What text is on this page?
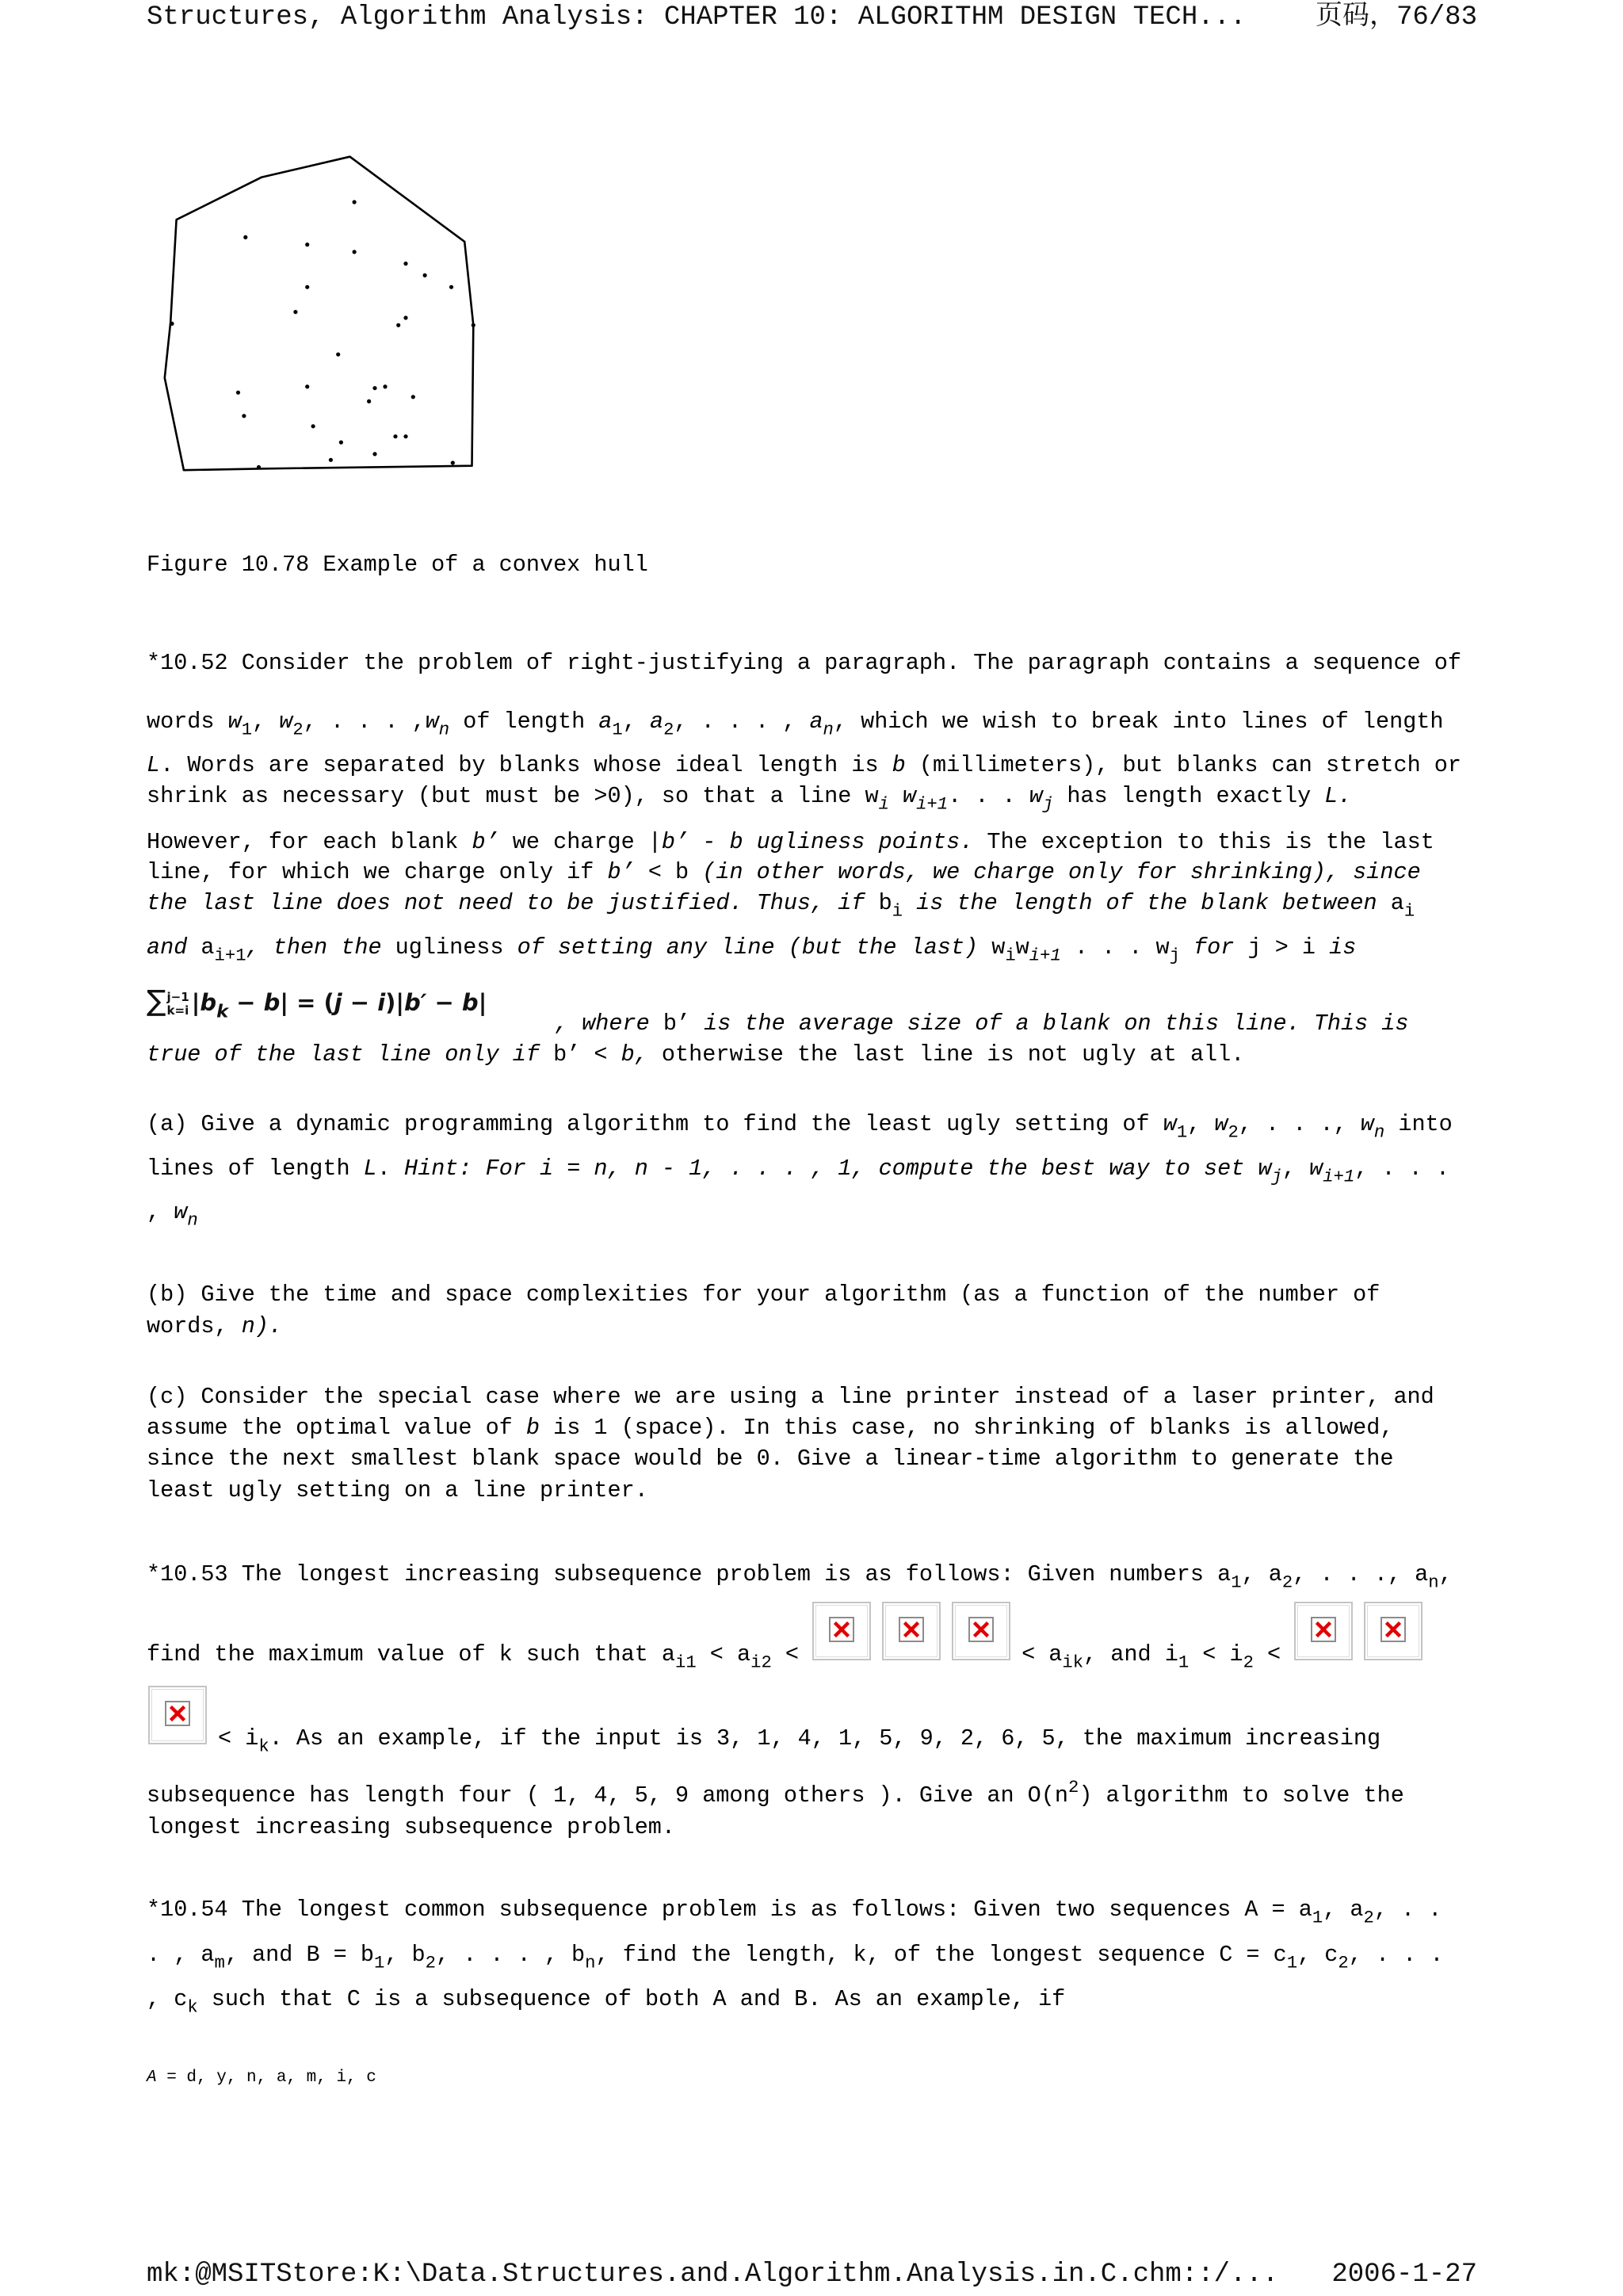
Structures, Algorithm Analysis: CHAPTER 10: ALGORITHM DESIGN TECH...	页码，76/83
Figure 10.78 Example of a convex hull
*10.52 Consider the problem of right-justifying a paragraph. The paragraph contains a sequence of
words $w_1$, $w_2$, . . . $,w_n$ of length $a_1$, $a_2$, . . . , $a_n$, which we wish to break into lines of length
L. Words are separated by blanks whose ideal length is b (millimeters), but blanks can stretch or
shrink as necessary (but must be >0), so that a line $w_i$ $w_{i+1}$. . . $w_j$ has length exactly L.
However, for each blank b’ we charge |b’ - b ugliness points. The exception to this is the last
line, for which we charge only if b’ < b (in other words, we charge only for shrinking), since
the last line does not need to be justified. Thus, if $b_i$ is the length of the blank between $a_i$
and $a_{i+1}$, then the ugliness of setting any line (but the last) $w_iw_{i+1}$ . . . $w_j$ for j > i is
∑ j−1
k=i $|b_k - b| = (j - i)|b' - b|$
, where b’ is the average size of a blank on this line. This is
true of the last line only if b’ < b, otherwise the last line is not ugly at all.
(a) Give a dynamic programming algorithm to find the least ugly setting of $w_1$, $w_2$, . . ., $w_n$ into
lines of length L. Hint: For i = n, n - 1, . . . , 1, compute the best way to set $w_j$, $w_{i+1}$, . . .
, $w_n$
(b) Give the time and space complexities for your algorithm (as a function of the number of
words, n).
(c) Consider the special case where we are using a line printer instead of a laser printer, and
assume the optimal value of b is 1 (space). In this case, no shrinking of blanks is allowed,
since the next smallest blank space would be 0. Give a linear-time algorithm to generate the
least ugly setting on a line printer.
*10.53 The longest increasing subsequence problem is as follows: Given numbers $a_1$, $a_2$, . . ., $a_n$,
find the maximum value of k such that $a_{i1} < a_{i2}$ <	< $a_{ik}$, and $i_1 < i_2$ <
< $i_k$. As an example, if the input is 3, 1, 4, 1, 5, 9, 2, 6, 5, the maximum increasing
subsequence has length four ( 1, 4, 5, 9 among others ). Give an $O(n^2)$ algorithm to solve the
longest increasing subsequence problem.
*10.54 The longest common subsequence problem is as follows: Given two sequences $A = a_1$, $a_2$, . .
. , $a_m$, and $B = b_1$, $b_2$, . . . , $b_n$, find the length, k, of the longest sequence $C = c_1$, $c_2$, . . .
, $c_k$ such that C is a subsequence of both A and B. As an example, if
A = d, y, n, a, m, i, c
mk:@MSITStore:K:\Data.Structures.and.Algorithm.Analysis.in.C.chm::/... 2006-1-27
